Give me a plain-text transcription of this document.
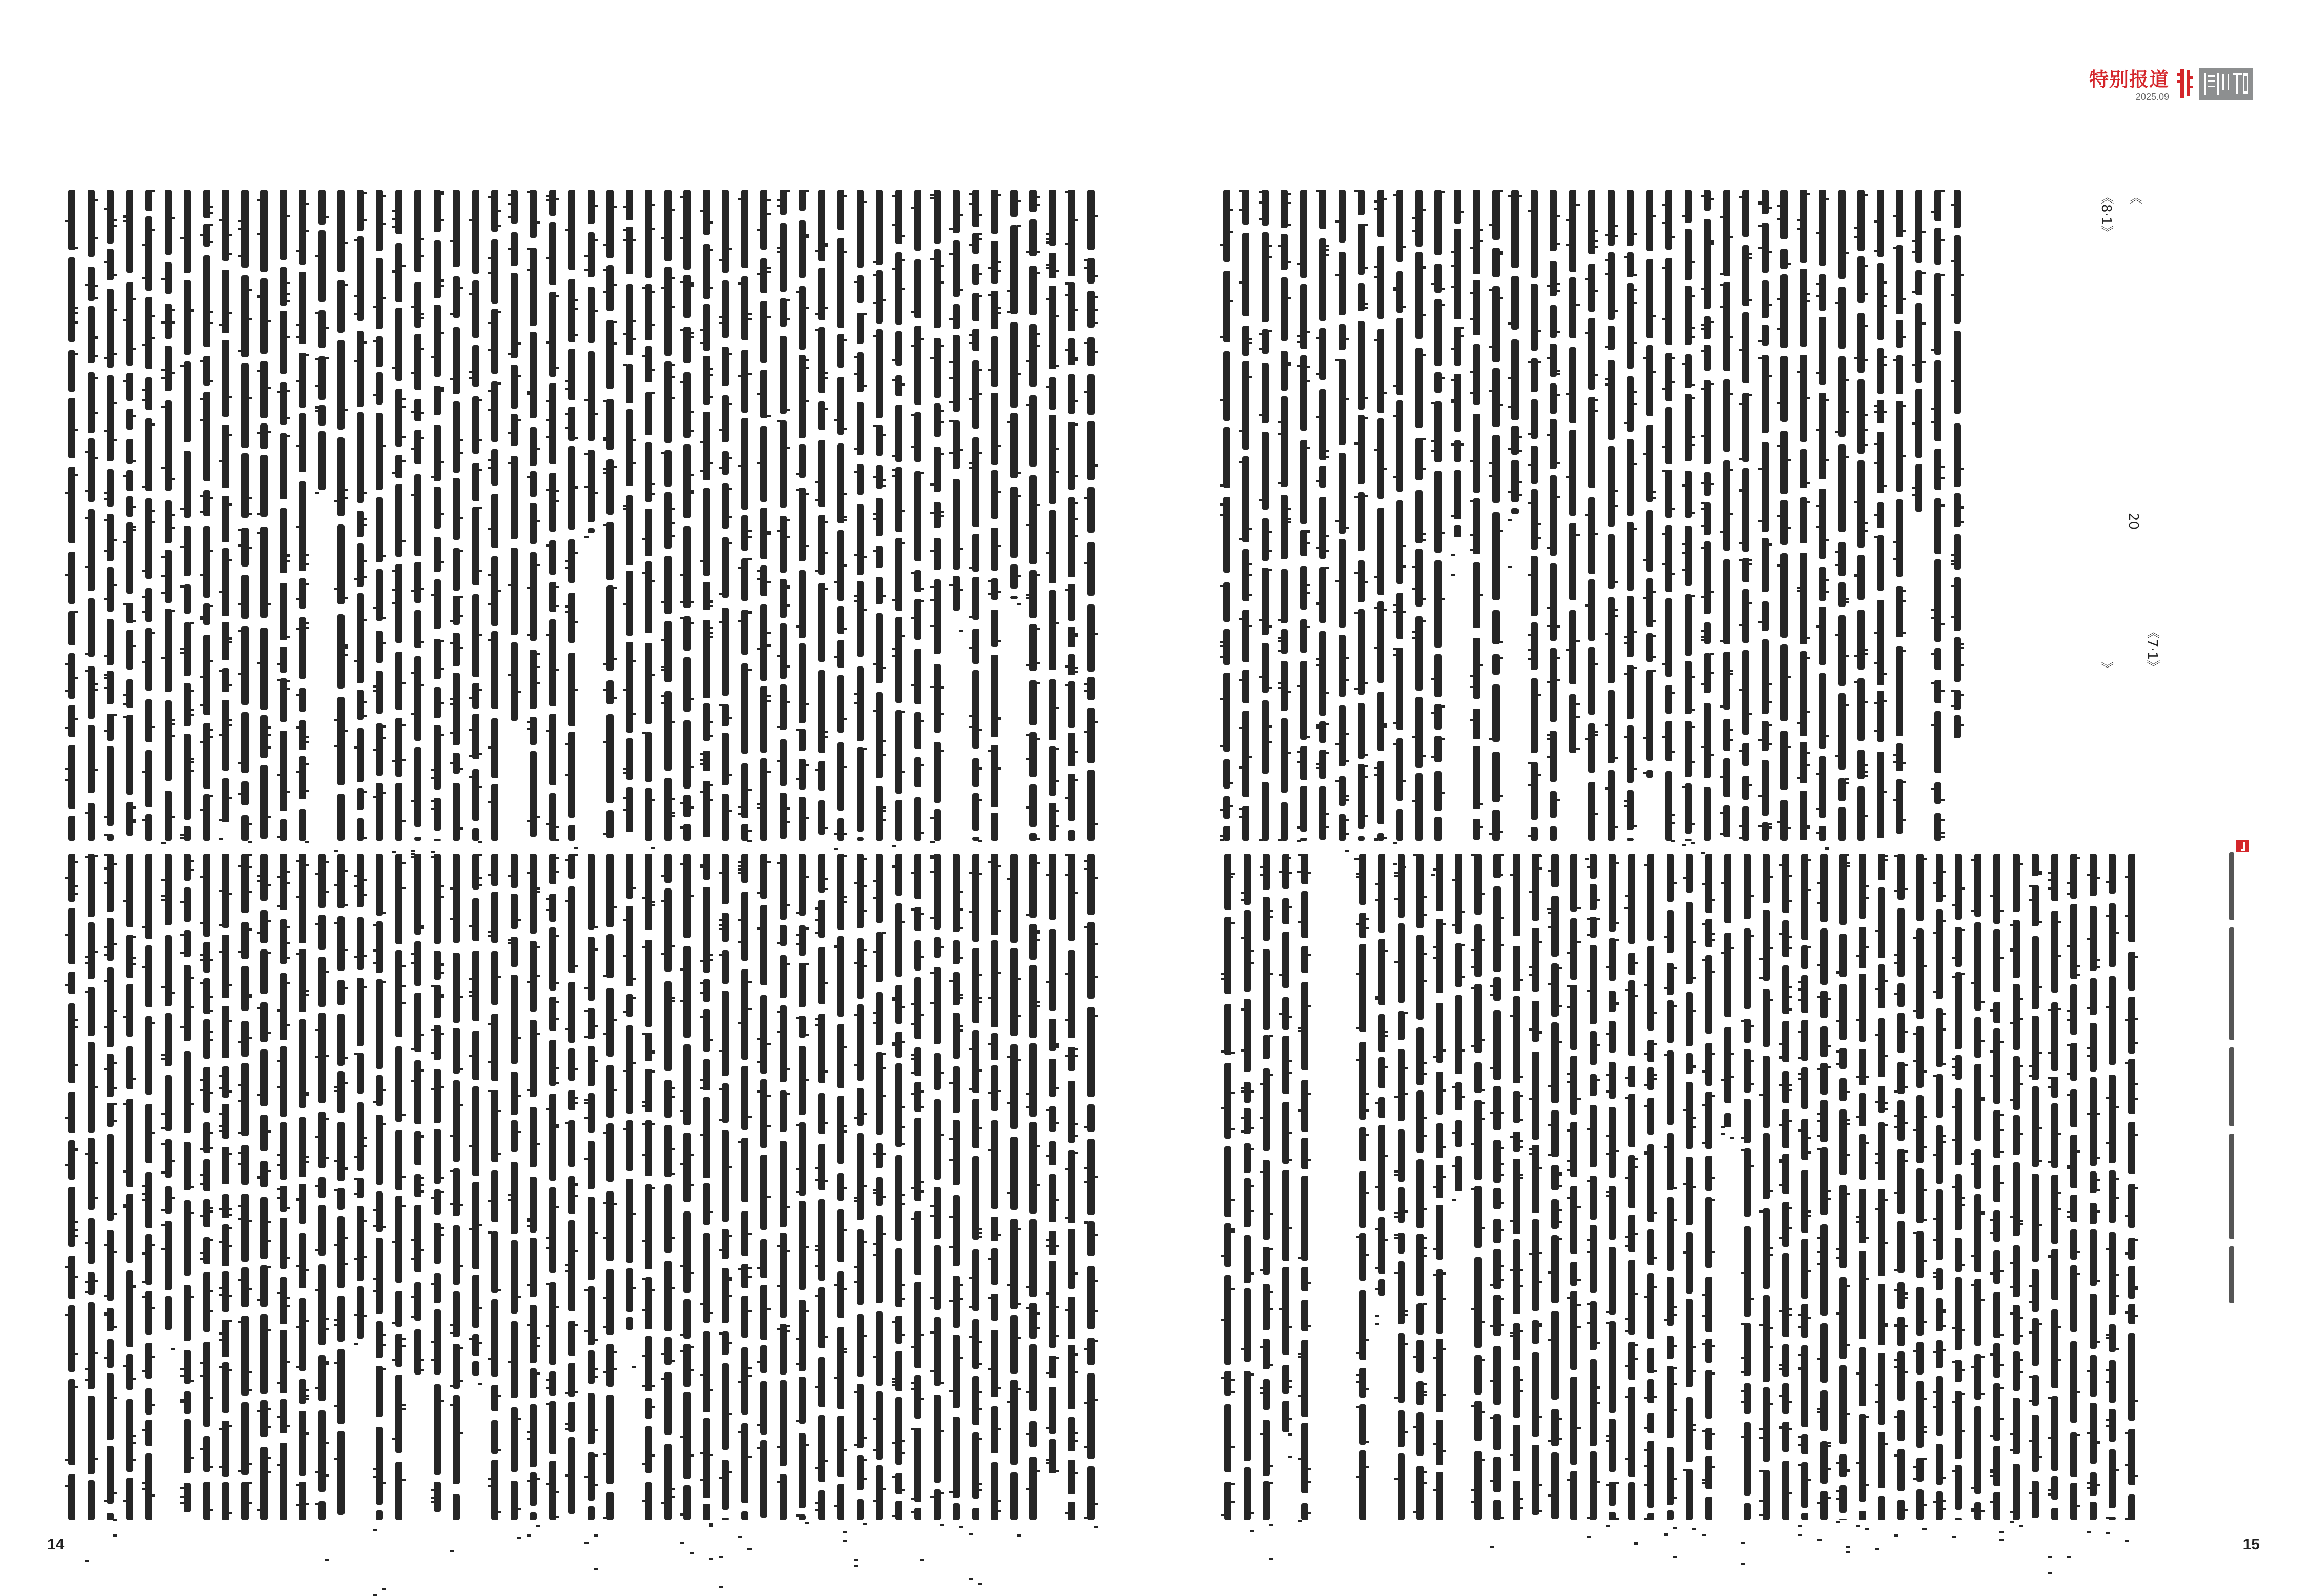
14
特别报道
2025.09
《8·1》
《7·1》
《
》
20
15
